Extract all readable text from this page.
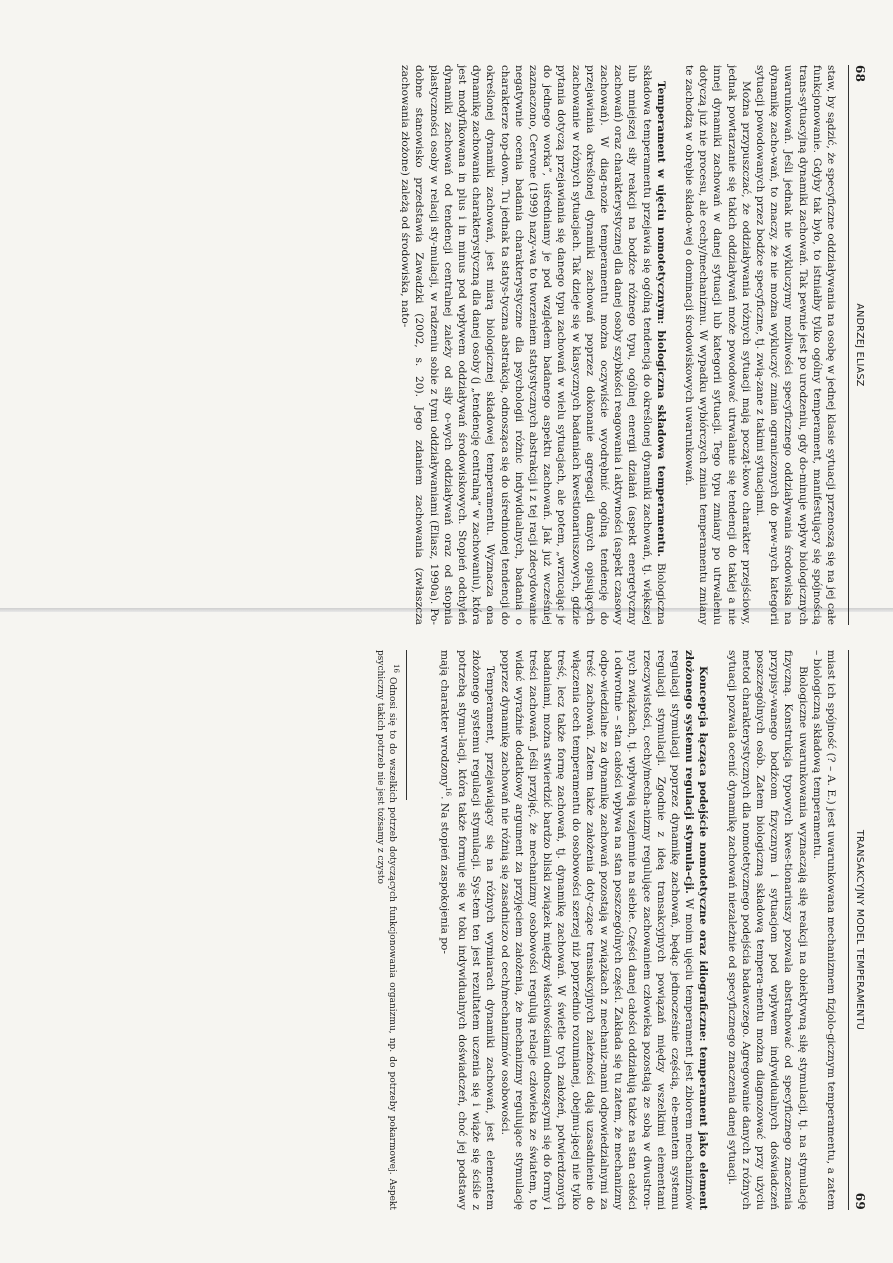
68
ANDRZEJ ELIASZ

staw, by sądzić, że specyficzne oddziaływania na osobę w jednej klasie sytuacji przenoszą się na jej całe funkcjonowanie. Gdyby tak było, to istniałby tylko ogólny temperament, manifestujący się spójnością trans-sytuacyjną dynamiki zachowań. Tak pewnie jest po urodzeniu, gdy do-minuje wpływ biologicznych uwarunkowań. Jeśli jednak nie wykluczymy możliwości specyficznego oddziaływania środowiska na dynamikę zacho-wań, to znaczy, że nie można wykluczyć zmian ograniczonych do pew-nych kategorii sytuacji powodowanych przez bodźce specyficzne, tj. zwią-zane z takimi sytuacjami.

Można przypuszczać, że oddziaływania różnych sytuacji mają począt-kowo charakter przejściowy, jednak powtarzanie się takich oddziaływań może powodować utrwalanie się tendencji do takiej a nie innej dynamiki zachowań w danej sytuacji lub kategorii sytuacji. Tego typu zmiany po utrwaleniu dotyczą już nie procesu, ale cechy/mechanizmu. W wypadku wybiórczych zmian temperamentu zmiany te zachodzą w obrębie składo-wej o dominacji środowiskowych uwarunkowań.

Temperament w ujęciu nomotetycznym: biologiczna składowa temperamentu. Biologiczna składowa temperamentu przejawia się ogólną tendencją do określonej dynamiki zachowań, tj. większej lub mniejszej siły reakcji na bodźce różnego typu, ogólnej energii działań (aspekt energetyczny zachowań) oraz charakterystycznej dla danej osoby szybkości reagowania i aktywności (aspekt czasowy zachowań). W diag-nozie temperamentu można oczywiście wyodrębnić ogólną tendencję do przejawiania określonej dynamiki zachowań poprzez dokonanie agregacji danych opisujących zachowanie w różnych sytuacjach. Tak dzieje się w klasycznych badaniach kwestionariuszowych, gdzie pytania dotyczą przejawiania się danego typu zachowań w wielu sytuacjach, ale potem, „wrzucając je do jednego worka”, uśredniamy je pod względem badanego aspektu zachowań. Jak już wcześniej zaznaczono, Cervone (1999) nazy-wa to tworzeniem statystycznych abstrakcji i z tej racji zdecydowanie negatywnie ocenia badania charakterystyczne dla psychologii różnic indywidualnych, badania o charakterze top-down. Tu jednak ta statys-tyczna abstrakcja, odnosząca się do uśrednionej tendencji do określonej dynamiki zachowań, jest miarą biologicznej składowej temperamentu. Wyznacza ona dynamikę zachowania charakterystyczną dla danej osoby (j „tendencję centralną” w zachowaniu), która jest modyfikowana in plus i in minus pod wpływem oddziaływań środowiskowych. Stopień odchyleń dynamiki zachowań od tendencji centralnej zależy od siły o-wych oddziaływań oraz od stopnia plastyczności osoby w relacji sty-mulacji, w radzeniu sobie z tymi oddziaływaniami (Eliasz, 1990a). Po-dobne stanowisko przedstawia Zawadzki (2002, s. 20). Jego zdaniem zachowania (zwłaszcza zachowania złożone) zależą od środowiska, nato-

TRANSAKCYJNY MODEL TEMPERAMENTU
69

miast ich spójność (? – A. E.) jest uwarunkowana mechanizmem fizjolo-gicznym temperamentu, a zatem – biologiczną składową temperamentu.

Biologiczne uwarunkowania wyznaczają siłę reakcji na obiektywną siłę stymulacji, tj. na stymulację fizyczną. Konstrukcja typowych kwes-tionariuszy pozwala abstrahować od specyficznego znaczenia przypisy-wanego bodźcom fizycznym i sytuacjom pod wpływem indywidualnych doświadczeń poszczególnych osób. Zatem biologiczną składową tempera-mentu można diagnozować przy użyciu metod charakterystycznych dla nomotetycznego podejścia badawczego. Agregowanie danych z różnych sytuacji pozwala ocenić dynamikę zachowań niezależnie od specyficznego znaczenia danej sytuacji.

Koncepcja łącząca podejście nomotetyczne oraz idiograficzne: temperament jako element złożonego systemu regulacji stymula-cji. W moim ujęciu temperament jest zbiorem mechanizmów regulacji stymulacji poprzez dynamikę zachowań, będąc jednocześnie częścią, ele-mentem systemu regulacji stymulacji. Zgodnie z ideą transakcyjnych powiązań między wszelkimi elementami rzeczywistości, cechy/mecha-nizmy regulujące zachowaniem człowieka pozostają ze sobą w dwustron-nych związkach, tj. wpływają wzajemnie na siebie. Części danej całości oddziałują także na stan całości i odwrotnie – stan całości wpływa na stan poszczególnych części. Zakłada się tu zatem, że mechanizmy odpo-wiedzialne za dynamikę zachowań pozostają w związkach z mechaniz-mami odpowiedzialnymi za treść zachowań. Zatem także założenia doty-czące transakcyjnych zależności dają uzasadnienie do włączenia cech temperamentu do osobowości szerzej niż poprzednio rozumianej, obejmu-jącej nie tylko treść, lecz także formę zachowań, tj. dynamikę zachowań. W świetle tych założeń, potwierdzonych badaniami, można stwierdzić bardzo bliski związek między właściwościami odnoszącymi się do formy i treści zachowań. Jeśli przyjąć, że mechanizmy osobowości regulują relacje człowieka ze światem, to widać wyraźnie dodatkowy argument za przyjęciem założenia, że mechanizmy regulujące stymulację poprzez dynamikę zachowań nie różnią się zasadniczo od cech/mechanizmów osobowości.

Temperament, przejawiający się na różnych wymiarach dynamiki zachowań, jest elementem złożonego systemu regulacji stymulacji. Sys-tem ten jest rezultatem uczenia się i wiąże się ściśle z potrzebą stymu-lacji, która także formuje się w toku indywidualnych doświadczeń, choć jej podstawy mają charakter wrodzony$^{16}$. Na stopień zaspokojenia po-

$^{16}$ Odnosi się to do wszelkich potrzeb dotyczących funkcjonowania organizmu, np. do potrzeby pokarmowej. Aspekt psychiczny takich potrzeb nie jest tożsamy z czysto
